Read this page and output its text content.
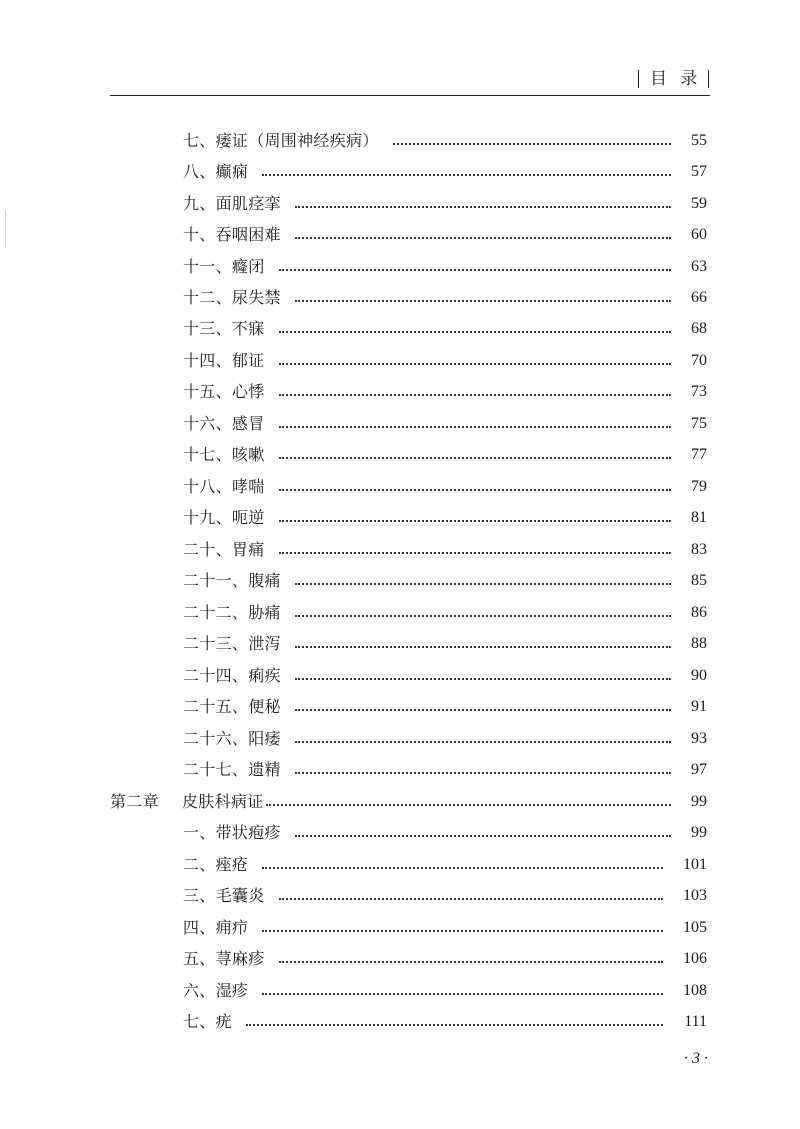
目 录
七、痿证（周围神经疾病）	55
八、癫痫	57
九、面肌痉挛	59
十、吞咽困难	60
十一、癃闭	63
十二、尿失禁	66
十三、不寐	68
十四、郁证	70
十五、心悸	73
十六、感冒	75
十七、咳嗽	77
十八、哮喘	79
十九、呃逆	81
二十、胃痛	83
二十一、腹痛	85
二十二、胁痛	86
二十三、泄泻	88
二十四、痢疾	90
二十五、便秘	91
二十六、阳痿	93
二十七、遗精	97
第二章	皮肤科病证	99
一、带状疱疹	99
二、痤疮	101
三、毛囊炎	103
四、痈疖	105
五、荨麻疹	106
六、湿疹	108
七、疣	111
· 3 ·
